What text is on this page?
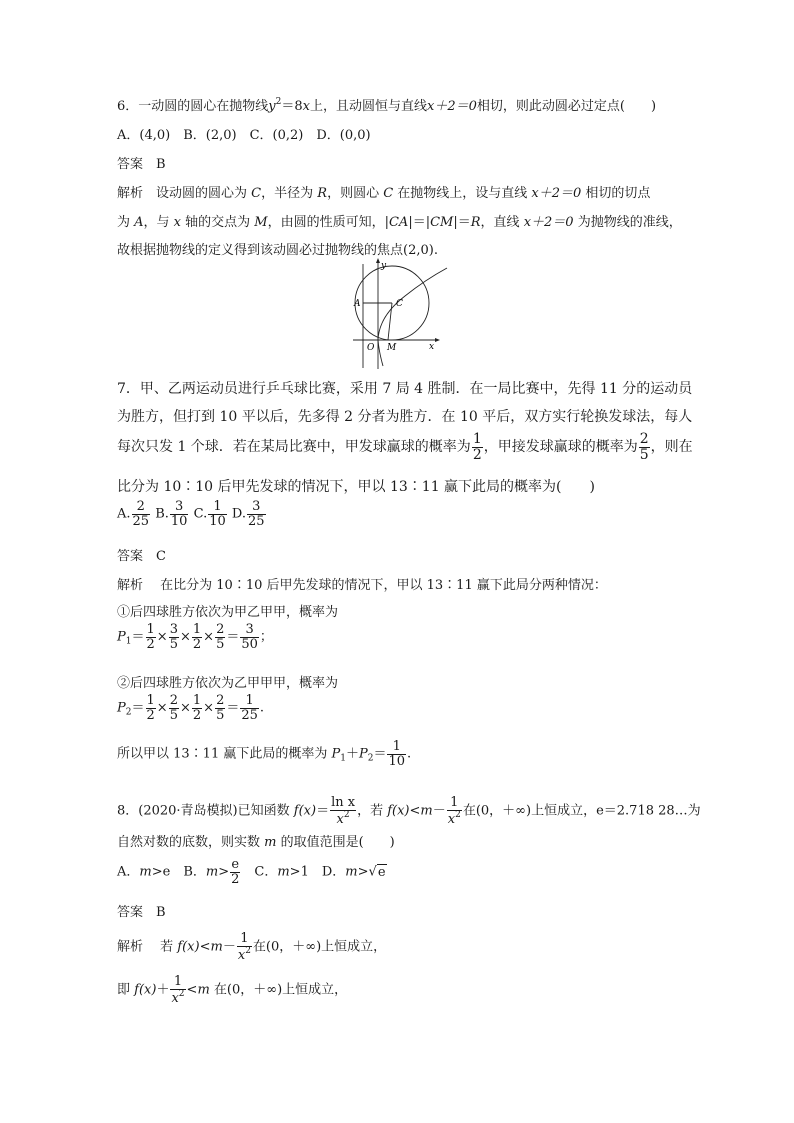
6．一动圆的圆心在抛物线$y^2=8x$上，且动圆恒与直线x＋2＝0相切，则此动圆必过定点( )
A．(4,0)　B．(2,0)　C．(0,2)　D．(0,0)
答案　 B
解析　 设动圆的圆心为 C，半径为 R，则圆心 C 在抛物线上，设与直线 x＋2＝0 相切的切点
为 A，与 x 轴的交点为 M，由圆的性质可知，|CA|＝|CM|＝R，直线 x＋2＝0 为抛物线的准线，
故根据抛物线的定义得到该动圆必过抛物线的焦点(2,0).
y
x
A	C
O M
7．甲、乙两运动员进行乒乓球比赛，采用 7 局 4 胜制．在一局比赛中，先得 11 分的运动员
为胜方，但打到 10 平以后，先多得 2 分者为胜方．在 10 平后，双方实行轮换发球法，每人
每次只发 1 个球．若在某局比赛中，甲发球赢球的概率为 $\frac{1}{2}$ ，甲接发球赢球的概率为 $\frac{2}{5}$ ，则在
比分为 10∶10 后甲先发球的情况下，甲以 13∶11 赢下此局的概率为(　　)
A. $\frac{2}{25} B$. $\frac{3}{10} C$. $\frac{1}{10} D$. $\frac{3}{25}$
答案　 C
解析　 在比分为 10∶10 后甲先发球的情况下，甲以 13∶11 赢下此局分两种情况：
①后四球胜方依次为甲乙甲甲，概率为
$P_1= \frac{1}{2} \times \frac{3}{5} \times \frac{1}{2} \times \frac{2}{5} = \frac{3}{50}$ ；
②后四球胜方依次为乙甲甲甲，概率为
$P_2= \frac{1}{2} \times \frac{2}{5} \times \frac{1}{2} \times \frac{2}{5} = \frac{1}{25}$ .
所以甲以 13∶11 赢下此局的概率为 $P_1+P_2= \frac{1}{10}$ .
8．(2020·青岛模拟)已知函数 $f(x)= \frac{\text{ln x}}{x^2}$ ，若 $f(x)<m- \frac{1}{x^2}$ 在(0，＋∞)上恒成立，e＝2.718 28…为
自然对数的底数，则实数 m 的取值范围是(　　)
A．m>e　B．$m> \frac{e}{2}$ 　C．m>1　D．m>√e
答案　 B
解析　 若 $f(x)<m- \frac{1}{x^2}$ 在(0，＋∞)上恒成立，
即 $f(x)+ \frac{1}{x^2} <m$ 在(0，＋∞)上恒成立，
